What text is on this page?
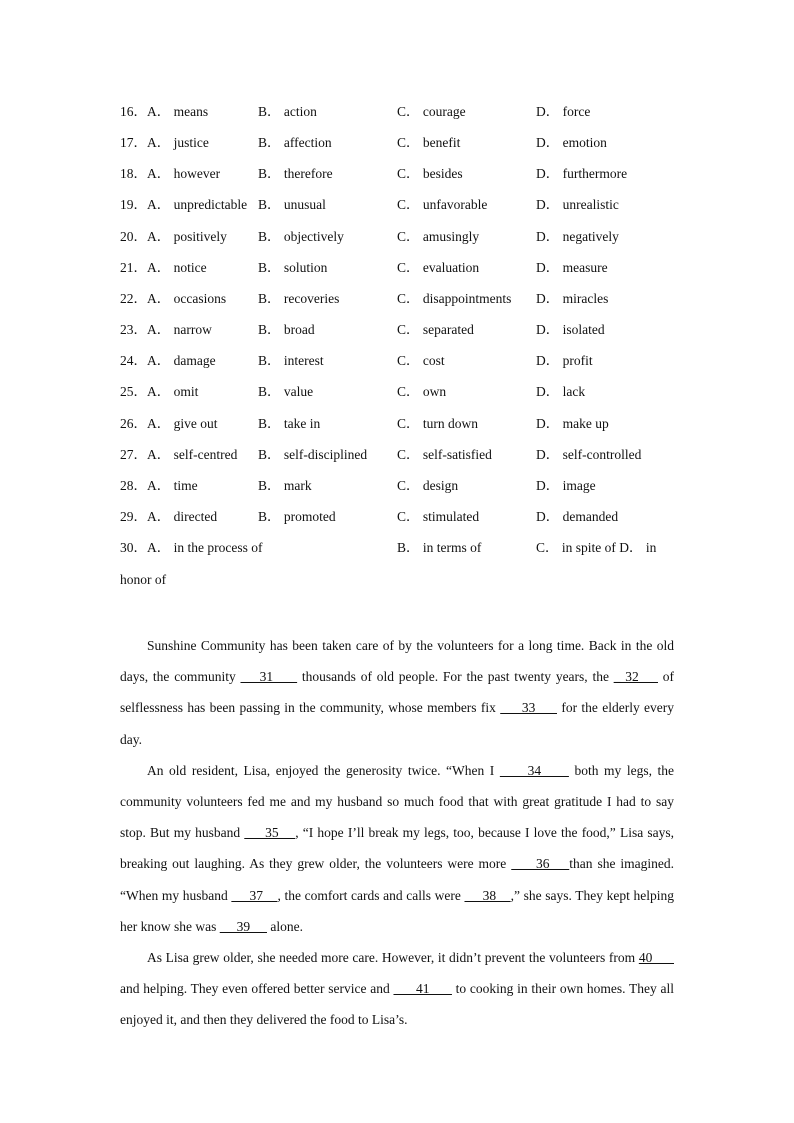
16． A． means	B． action	C． courage	D． force
17． A． justice	B． affection	C． benefit	D． emotion
18． A． however	B． therefore	C． besides	D． furthermore
19． A． unpredictable B． unusual	C． unfavorable	D． unrealistic
20． A． positively B． objectively	C． amusingly	D． negatively
21． A． notice	B． solution	C． evaluation	D． measure
22． A． occasions B． recoveries	C． disappointments D． miracles
23． A． narrow	B． broad	C． separated	D． isolated
24． A． damage	B． interest	C． cost	D． profit
25． A． omit	B． value	C． own	D． lack
26． A． give out	B． take in	C． turn down	D． make up
27． A． self-centred B． self-disciplined C． self-satisfied	D． self-controlled
28． A． time	B． mark	C． design	D． image
29． A． directed	B． promoted	C． stimulated	D． demanded
30． A． in the process of	B． in terms of	C． in spite of D． in
honor of

Sunshine Community has been taken care of by the volunteers for a long time. Back in the old days, the community     31      thousands of old people. For the past twenty years, the _ 32     of selflessness has been passing in the community, whose members fix      33      for the elderly every day.

An old resident, Lisa, enjoyed the generosity twice. “When I      34      both my legs, the community volunteers fed me and my husband so much food that with great gratitude I had to say stop. But my husband      35    , “I hope I’ll break my legs, too, because I love the food,” Lisa says, breaking out laughing. As they grew older, the volunteers were more      36    than she imagined. “When my husband      37    , the comfort cards and calls were      38    ,” she says. They kept helping her know she was      39      alone.

As Lisa grew older, she needed more care. However, it didn’t prevent the volunteers from 40       and helping. They even offered better service and       41       to cooking in their own homes. They all enjoyed it, and then they delivered the food to Lisa’s.
